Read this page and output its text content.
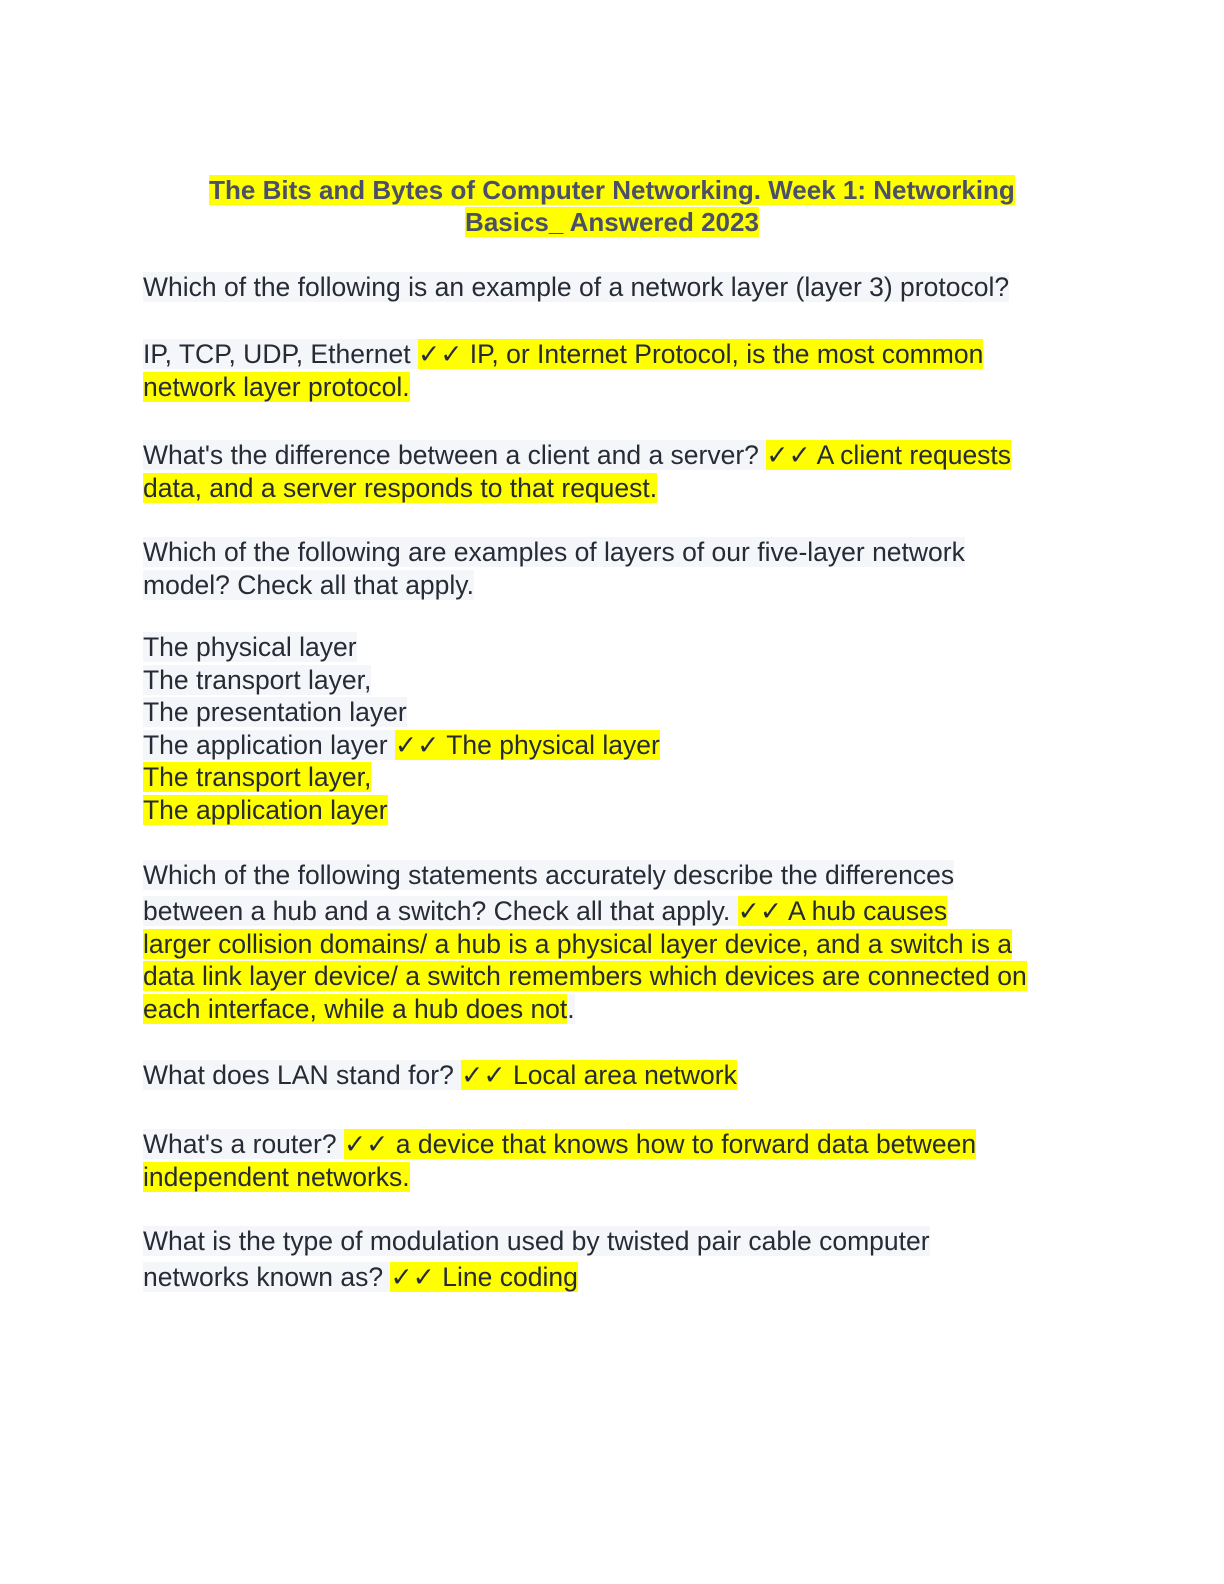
The Bits and Bytes of Computer Networking. Week 1: Networking
Basics_ Answered 2023
Which of the following is an example of a network layer (layer 3) protocol?
IP, TCP, UDP, Ethernet ✓✓ IP, or Internet Protocol, is the most common
network layer protocol.
What's the difference between a client and a server? ✓✓ A client requests
data, and a server responds to that request.
Which of the following are examples of layers of our five-layer network
model? Check all that apply.
The physical layer
The transport layer,
The presentation layer
The application layer ✓✓ The physical layer
The transport layer,
The application layer
Which of the following statements accurately describe the differences
between a hub and a switch? Check all that apply. ✓✓ A hub causes
larger collision domains/ a hub is a physical layer device, and a switch is a
data link layer device/ a switch remembers which devices are connected on
each interface, while a hub does not.
What does LAN stand for? ✓✓ Local area network
What's a router? ✓✓ a device that knows how to forward data between
independent networks.
What is the type of modulation used by twisted pair cable computer
networks known as? ✓✓ Line coding
